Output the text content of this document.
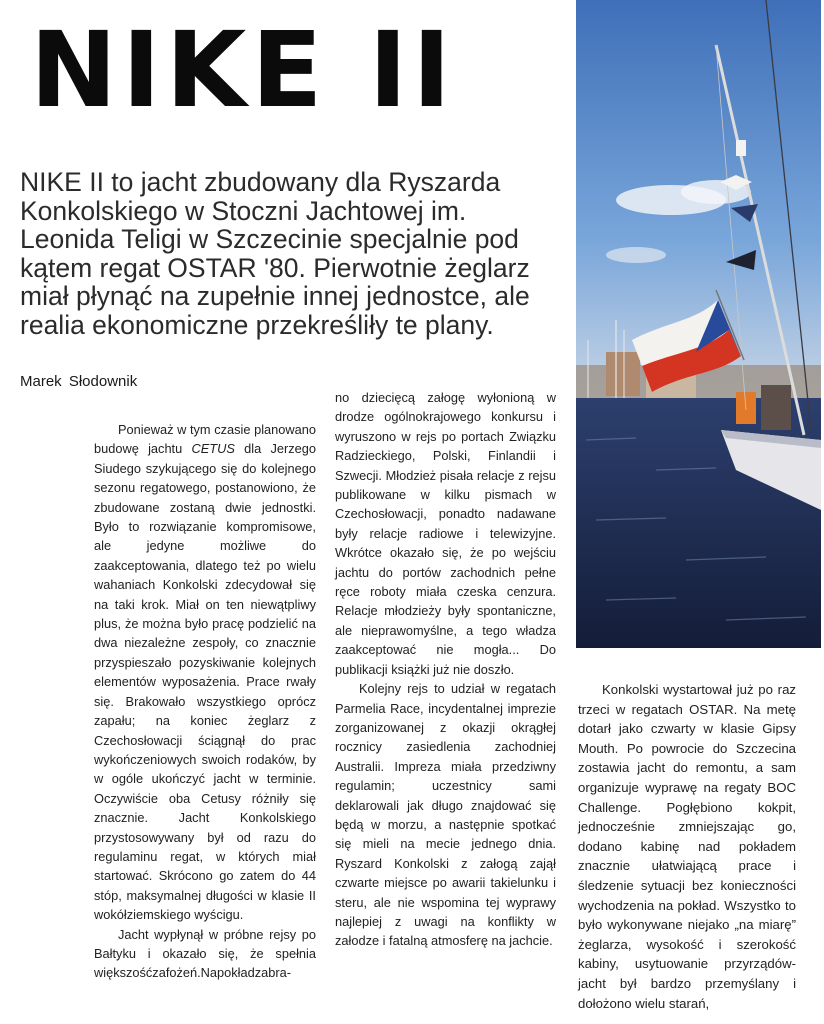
NIKE II

NIKE II to jacht zbudowany dla Ryszarda Konkolskiego w Stoczni Jachtowej im. Leonida Teligi w Szczecinie specjalnie pod kątem regat OSTAR '80. Pierwotnie żeglarz miał płynąć na zupełnie innej jednostce, ale realia ekonomiczne przekreśliły te plany.

Marek Słodownik

Ponieważ w tym czasie planowano budowę jachtu CETUS dla Jerzego Siudego szykującego się do kolejnego sezonu regatowego, postanowiono, że zbudowane zostaną dwie jednostki. Było to rozwiązanie kompromisowe, ale jedyne możliwe do zaakceptowania, dlatego też po wielu wahaniach Konkolski zdecydował się na taki krok. Miał on ten niewątpliwy plus, że można było pracę podzielić na dwa niezależne zespoły, co znacznie przyspieszało pozyskiwanie kolejnych elementów wyposażenia. Prace rwały się. Brakowało wszystkiego oprócz zapału; na koniec żeglarz z Czechosłowacji ściągnął do prac wykończeniowych swoich rodaków, by w ogóle ukończyć jacht w terminie. Oczywiście oba Cetusy różniły się znacznie. Jacht Konkolskiego przystosowywany był od razu do regulaminu regat, w których miał startować. Skrócono go zatem do 44 stóp, maksymalnej długości w klasie II wokółziemskiego wyścigu.

Jacht wypłynął w próbne rejsy po Bałtyku i okazało się, że spełnia większośćzafożeń.Napokładzabra-

no dziecięcą załogę wyłonioną w drodze ogólnokrajowego konkursu i wyruszono w rejs po portach Związku Radzieckiego, Polski, Finlandii i Szwecji. Młodzież pisała relacje z rejsu publikowane w kilku pismach w Czechosłowacji, ponadto nadawane były relacje radiowe i telewizyjne. Wkrótce okazało się, że po wejściu jachtu do portów zachodnich pełne ręce roboty miała czeska cenzura. Relacje młodzieży były spontaniczne, ale nieprawomyślne, a tego władza zaakceptować nie mogła... Do publikacji książki już nie doszło.

Kolejny rejs to udział w regatach Parmelia Race, incydentalnej imprezie zorganizowanej z okazji okrągłej rocznicy zasiedlenia zachodniej Australii. Impreza miała przedziwny regulamin; uczestnicy sami deklarowali jak długo znajdować się będą w morzu, a następnie spotkać się mieli na mecie jednego dnia. Ryszard Konkolski z załogą zajął czwarte miejsce po awarii takielunku i steru, ale nie wspomina tej wyprawy najlepiej z uwagi na konflikty w załodze i fatalną atmosferę na jachcie.

Konkolski wystartował już po raz trzeci w regatach OSTAR. Na metę dotarł jako czwarty w klasie Gipsy Mouth. Po powrocie do Szczecina zostawia jacht do remontu, a sam organizuje wyprawę na regaty BOC Challenge. Pogłębiono kokpit, jednocześnie zmniejszając go, dodano kabinę nad pokładem znacznie ułatwiającą prace i śledzenie sytuacji bez konieczności wychodzenia na pokład. Wszystko to było wykonywane niejako „na miarę” żeglarza, wysokość i szerokość kabiny, usytuowanie przyrządów-jacht był bardzo przemyślany i dołożono wielu starań,
